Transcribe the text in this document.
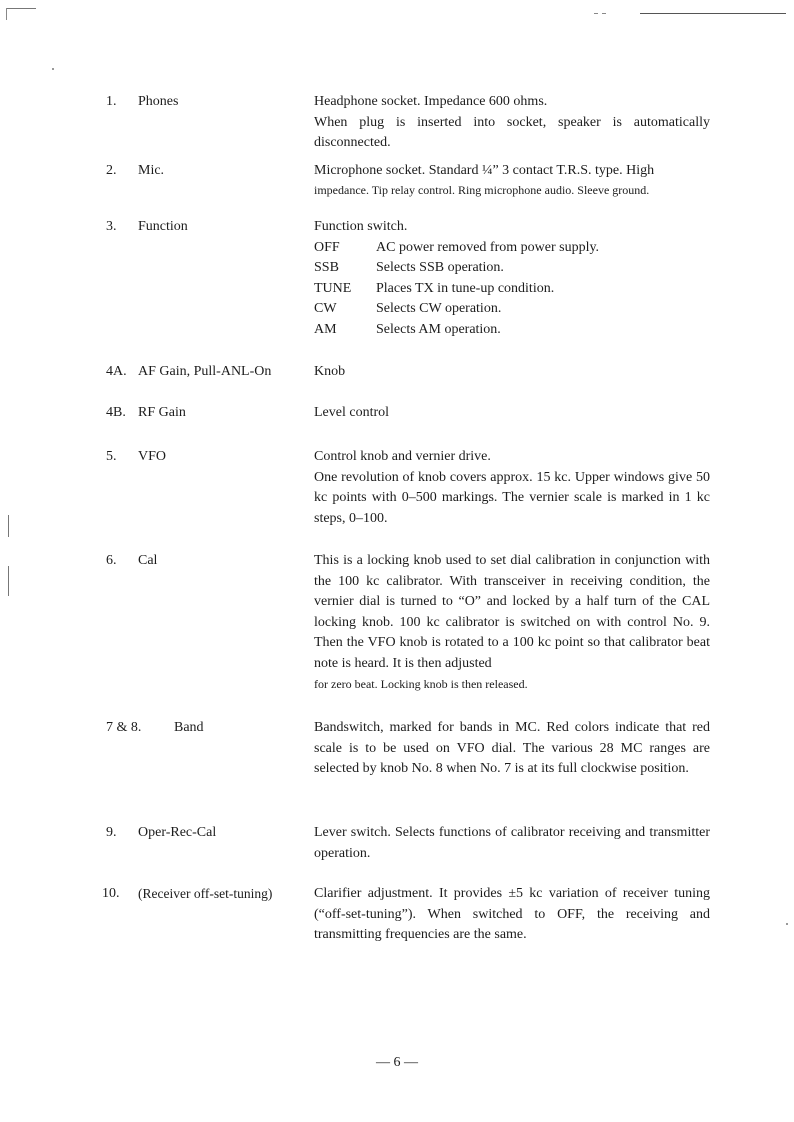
1. Phones	Headphone socket. Impedance 600 ohms.

When plug is inserted into socket, speaker is automatically disconnected.

2. Mic.	Microphone socket. Standard ¼” 3 contact T.R.S. type. High

impedance. Tip relay control. Ring microphone audio. Sleeve ground.

3. Function	Function switch.

OFF	AC power removed from power supply.
SSB	Selects SSB operation.
TUNE	Places TX in tune-up condition.
CW	Selects CW operation.
AM	Selects AM operation.
4A. AF Gain, Pull-ANL-On	Knob
4B. RF Gain	Level control
5. VFO	Control knob and vernier drive.

One revolution of knob covers approx. 15 kc. Upper windows give 50 kc points with 0–500 markings. The vernier scale is marked in 1 kc steps, 0–100.

6. Cal	This is a locking knob used to set dial calibration in conjunction with the 100 kc calibrator. With transceiver in receiving condition, the vernier dial is turned to “O” and locked by a half turn of the CAL locking knob. 100 kc calibrator is switched on with control No. 9. Then the VFO knob is rotated to a 100 kc point so that calibrator beat note is heard. It is then adjusted

for zero beat. Locking knob is then released.

7 & 8. Band	Bandswitch, marked for bands in MC. Red colors indicate that red scale is to be used on VFO dial. The various 28 MC ranges are selected by knob No. 8 when No. 7 is at its full clockwise position.
9. Oper-Rec-Cal	Lever switch. Selects functions of calibrator receiving and transmitter operation.
10. (Receiver off-set-tuning)	Clarifier adjustment. It provides ±5 kc variation of receiver tuning (“off-set-tuning”). When switched to OFF, the receiving and transmitting frequencies are the same.
— 6 —
